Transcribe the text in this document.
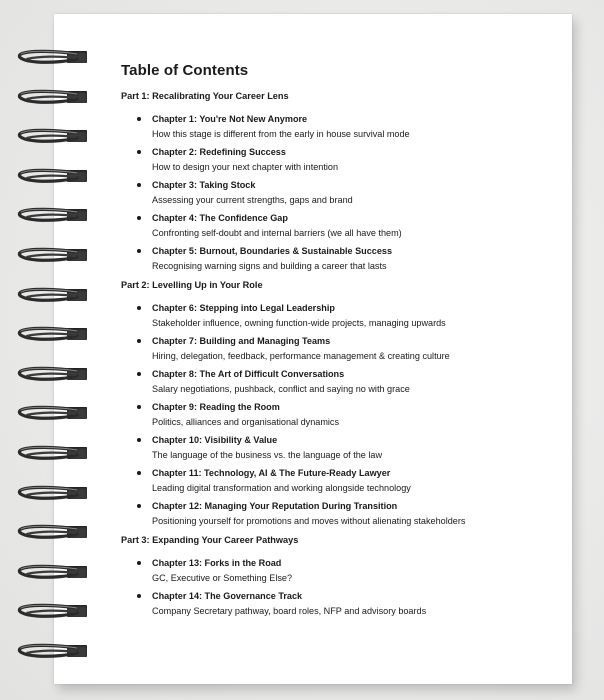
Table of Contents
Part 1: Recalibrating Your Career Lens
Chapter 1: You're Not New Anymore
How this stage is different from the early in house survival mode
Chapter 2: Redefining Success
How to design your next chapter with intention
Chapter 3: Taking Stock
Assessing your current strengths, gaps and brand
Chapter 4: The Confidence Gap
Confronting self-doubt and internal barriers (we all have them)
Chapter 5: Burnout, Boundaries & Sustainable Success
Recognising warning signs and building a career that lasts
Part 2: Levelling Up in Your Role
Chapter 6: Stepping into Legal Leadership
Stakeholder influence, owning function-wide projects, managing upwards
Chapter 7: Building and Managing Teams
Hiring, delegation, feedback, performance management & creating culture
Chapter 8: The Art of Difficult Conversations
Salary negotiations, pushback, conflict and saying no with grace
Chapter 9: Reading the Room
Politics, alliances and organisational dynamics
Chapter 10: Visibility & Value
The language of the business vs. the language of the law
Chapter 11: Technology, AI & The Future-Ready Lawyer
Leading digital transformation and working alongside technology
Chapter 12: Managing Your Reputation During Transition
Positioning yourself for promotions and moves without alienating stakeholders
Part 3: Expanding Your Career Pathways
Chapter 13: Forks in the Road
GC, Executive or Something Else?
Chapter 14: The Governance Track
Company Secretary pathway, board roles, NFP and advisory boards
